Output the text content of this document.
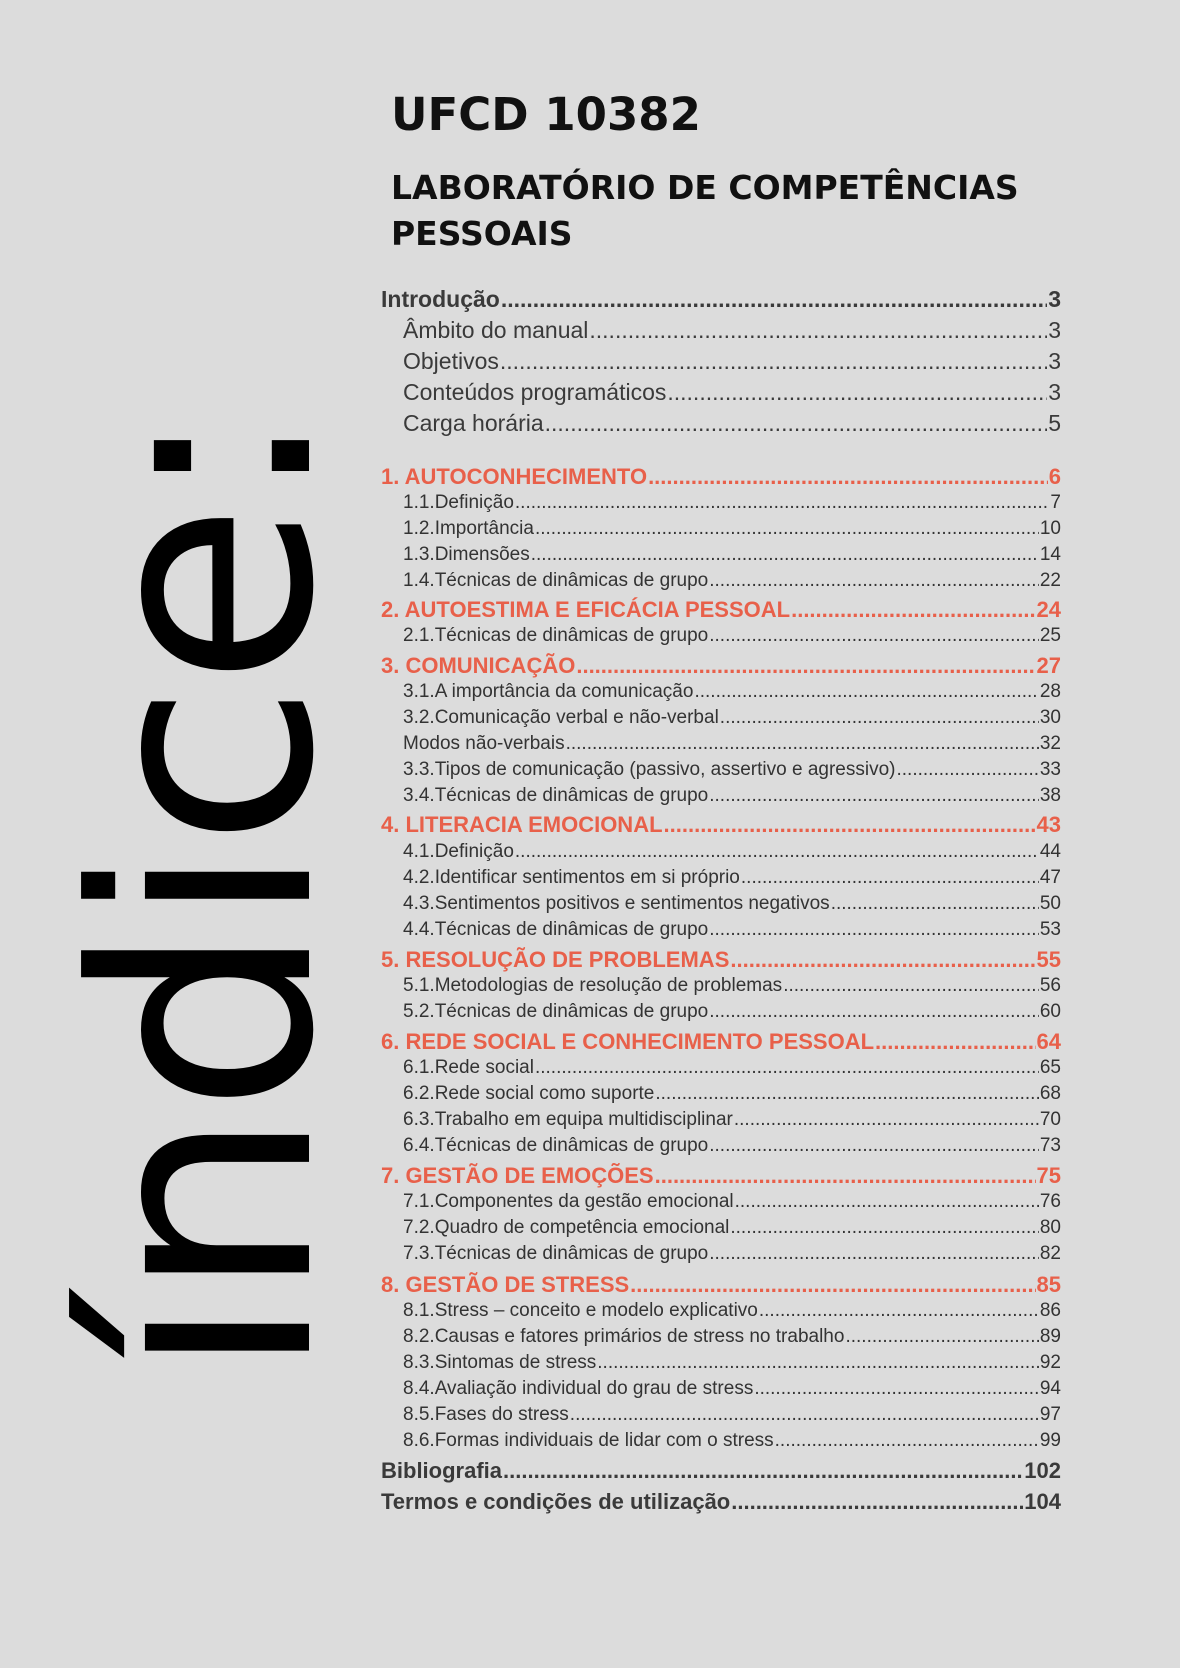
índice:
UFCD 10382
LABORATÓRIO DE COMPETÊNCIAS PESSOAIS
Introdução .....	3
Âmbito do manual .....	3
Objetivos .....	3
Conteúdos programáticos .....	3
Carga horária .....	5
1. AUTOCONHECIMENTO .....	6
1.1.Definição .....	7
1.2.Importância .....	10
1.3.Dimensões .....	14
1.4.Técnicas de dinâmicas de grupo .....	22
2. AUTOESTIMA E EFICÁCIA PESSOAL .....	24
2.1.Técnicas de dinâmicas de grupo .....	25
3. COMUNICAÇÃO .....	27
3.1.A importância da comunicação .....	28
3.2.Comunicação verbal e não-verbal .....	30
Modos não-verbais .....	32
3.3.Tipos de comunicação (passivo, assertivo e agressivo) .....	33
3.4.Técnicas de dinâmicas de grupo .....	38
4. LITERACIA EMOCIONAL .....	43
4.1.Definição .....	44
4.2.Identificar sentimentos em si próprio .....	47
4.3.Sentimentos positivos e sentimentos negativos .....	50
4.4.Técnicas de dinâmicas de grupo .....	53
5. RESOLUÇÃO DE PROBLEMAS .....	55
5.1.Metodologias de resolução de problemas .....	56
5.2.Técnicas de dinâmicas de grupo .....	60
6. REDE SOCIAL E CONHECIMENTO PESSOAL .....	64
6.1.Rede social .....	65
6.2.Rede social como suporte .....	68
6.3.Trabalho em equipa multidisciplinar .....	70
6.4.Técnicas de dinâmicas de grupo .....	73
7. GESTÃO DE EMOÇÕES .....	75
7.1.Componentes da gestão emocional .....	76
7.2.Quadro de competência emocional .....	80
7.3.Técnicas de dinâmicas de grupo .....	82
8. GESTÃO DE STRESS .....	85
8.1.Stress – conceito e modelo explicativo .....	86
8.2.Causas e fatores primários de stress no trabalho .....	89
8.3.Sintomas de stress .....	92
8.4.Avaliação individual do grau de stress .....	94
8.5.Fases do stress .....	97
8.6.Formas individuais de lidar com o stress .....	99
Bibliografia .....	102
Termos e condições de utilização .....	104
